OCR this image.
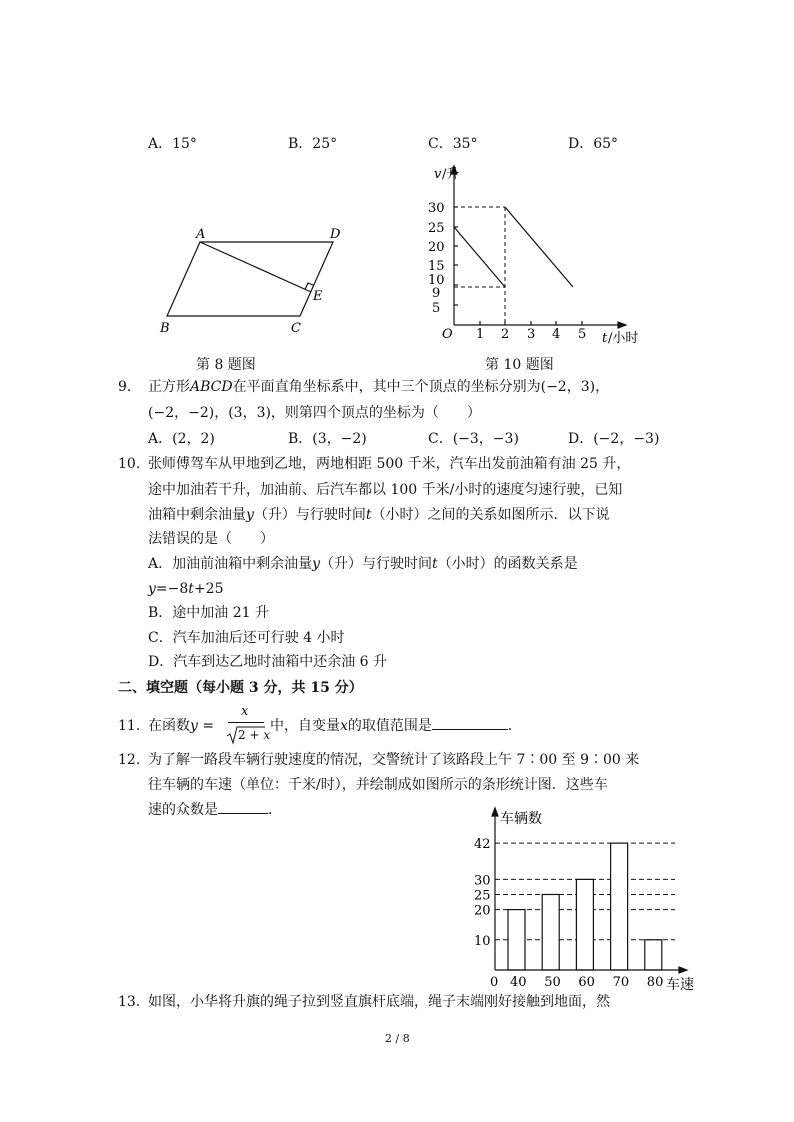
A．15°	B．25°	C．35°	D．65°
A	D
B	C
E
第 8 题图
v /升
30
25
20
15
10
9
5
O 1 2 3 4 5 t /小时
第 10 题图
9. 正方形ABCD在平面直角坐标系中，其中三个顶点的坐标分别为(−2，3)，
(−2，−2)，(3，3)，则第四个顶点的坐标为（　　）
A．(2，2)	B．(3，−2)	C．(−3，−3)	D．(−2，−3)
10. 张师傅驾车从甲地到乙地，两地相距 500 千米，汽车出发前油箱有油 25 升，
途中加油若干升，加油前、后汽车都以 100 千米/小时的速度匀速行驶，已知
油箱中剩余油量y（升）与行驶时间t（小时）之间的关系如图所示．以下说
法错误的是（　　）
A．加油前油箱中剩余油量y（升）与行驶时间t（小时）的函数关系是
y=−8t+25
B．途中加油 21 升
C．汽车加油后还可行驶 4 小时
D．汽车到达乙地时油箱中还余油 6 升
二、填空题（每小题 3 分，共 15 分）
11. 在函数y =
x
2 + x
中，自变量x的取值范围是	．
12. 为了解一路段车辆行驶速度的情况，交警统计了该路段上午 7∶00 至 9∶00 来
往车辆的车速（单位：千米/时），并绘制成如图所示的条形统计图．这些车
速的众数是	．
车辆数
车速
0
10
20
25
30
42
40 50 60 70 80
13. 如图，小华将升旗的绳子拉到竖直旗杆底端，绳子末端刚好接触到地面，然
2 / 8
